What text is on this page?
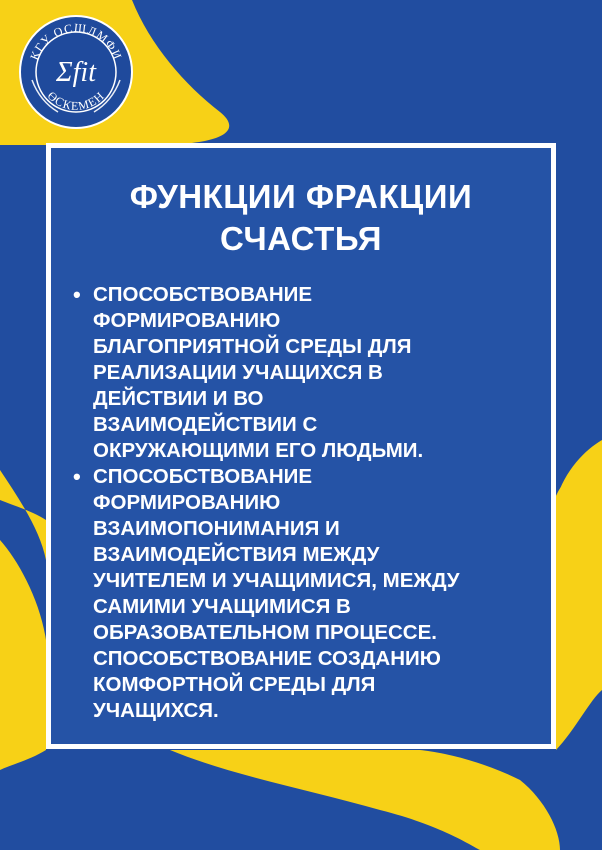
КГУ ОСШЛМФИ
ӨСКЕМЕН
Σfit
ФУНКЦИИ ФРАКЦИИ
СЧАСТЬЯ
• СПОСОБСТВОВАНИЕ
ФОРМИРОВАНИЮ
БЛАГОПРИЯТНОЙ СРЕДЫ ДЛЯ
РЕАЛИЗАЦИИ УЧАЩИХСЯ В
ДЕЙСТВИИ И ВО
ВЗАИМОДЕЙСТВИИ С
ОКРУЖАЮЩИМИ ЕГО ЛЮДЬМИ.
• СПОСОБСТВОВАНИЕ
ФОРМИРОВАНИЮ
ВЗАИМОПОНИМАНИЯ И
ВЗАИМОДЕЙСТВИЯ МЕЖДУ
УЧИТЕЛЕМ И УЧАЩИМИСЯ, МЕЖДУ
САМИМИ УЧАЩИМИСЯ В
ОБРАЗОВАТЕЛЬНОМ ПРОЦЕССЕ.
СПОСОБСТВОВАНИЕ СОЗДАНИЮ
КОМФОРТНОЙ СРЕДЫ ДЛЯ
УЧАЩИХСЯ.
